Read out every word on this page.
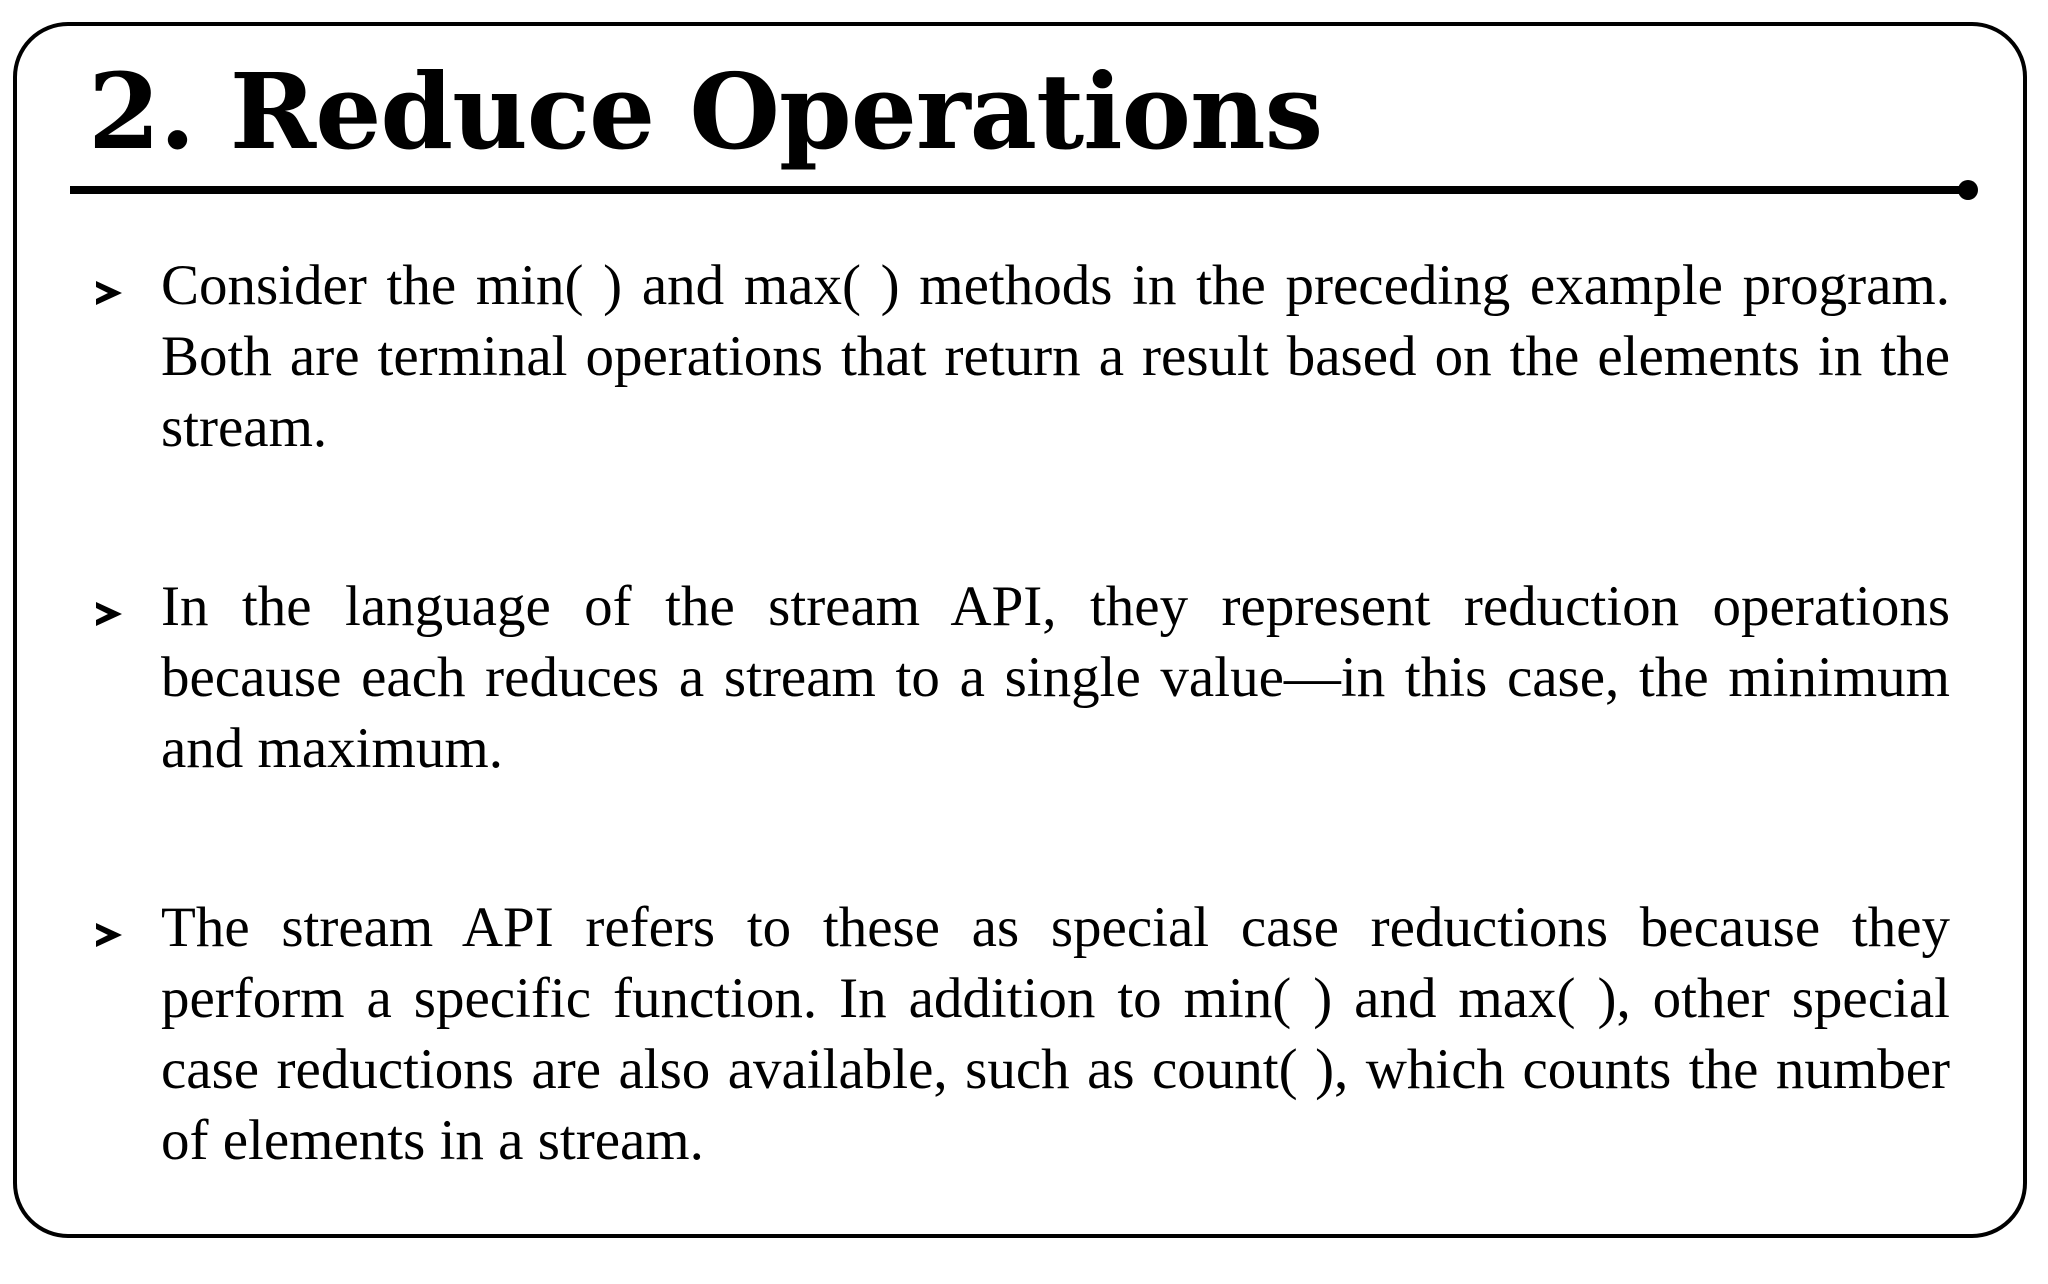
2. Reduce Operations
Consider the min( ) and max( ) methods in the preceding example program. Both are terminal operations that return a result based on the elements in the stream.
In the language of the stream API, they represent reduction operations because each reduces a stream to a single value—in this case, the minimum and maximum.
The stream API refers to these as special case reductions because they perform a specific function. In addition to min( ) and max( ), other special case reductions are also available, such as count( ), which counts the number of elements in a stream.
